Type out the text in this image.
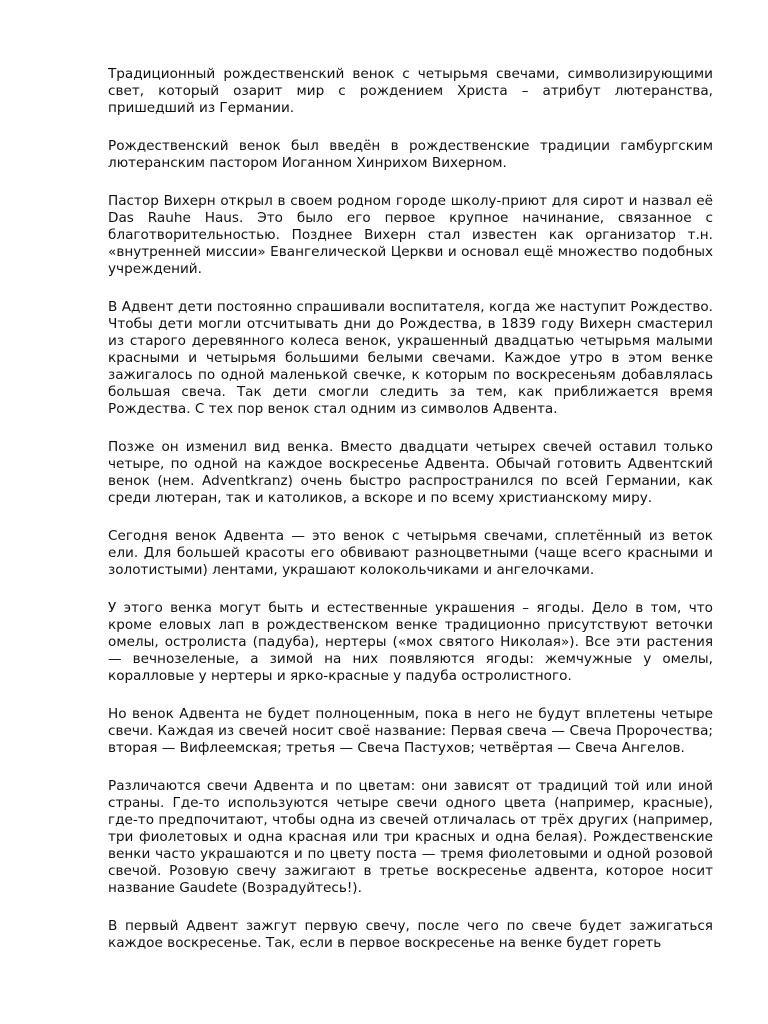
Традиционный рождественский венок с четырьмя свечами, символизирующими свет, который озарит мир с рождением Христа – атрибут лютеранства, пришедший из Германии.

Рождественский венок был введён в рождественские традиции гамбургским лютеранским пастором Иоганном Хинрихом Вихерном.

Пастор Вихерн открыл в своем родном городе школу-приют для сирот и назвал её Das Rauhe Haus. Это было его первое крупное начинание, связанное с благотворительностью. Позднее Вихерн стал известен как организатор т.н. «внутренней миссии» Евангелической Церкви и основал ещё множество подобных учреждений.

В Адвент дети постоянно спрашивали воспитателя, когда же наступит Рождество. Чтобы дети могли отсчитывать дни до Рождества, в 1839 году Вихерн смастерил из старого деревянного колеса венок, украшенный двадцатью четырьмя малыми красными и четырьмя большими белыми свечами. Каждое утро в этом венке зажигалось по одной маленькой свечке, к которым по воскресеньям добавлялась большая свеча. Так дети смогли следить за тем, как приближается время Рождества. С тех пор венок стал одним из символов Адвента.

Позже он изменил вид венка. Вместо двадцати четырех свечей оставил только четыре, по одной на каждое воскресенье Адвента. Обычай готовить Адвентский венок (нем. Adventkranz) очень быстро распространился по всей Германии, как среди лютеран, так и католиков, а вскоре и по всему христианскому миру.

Сегодня венок Адвента — это венок с четырьмя свечами, сплетённый из веток ели. Для большей красоты его обвивают разноцветными (чаще всего красными и золотистыми) лентами, украшают колокольчиками и ангелочками.

У этого венка могут быть и естественные украшения – ягоды. Дело в том, что кроме еловых лап в рождественском венке традиционно присутствуют веточки омелы, остролиста (падуба), нертеры («мох святого Николая»). Все эти растения — вечнозеленые, а зимой на них появляются ягоды: жемчужные у омелы, коралловые у нертеры и ярко-красные у падуба остролистного.

Но венок Адвента не будет полноценным, пока в него не будут вплетены четыре свечи. Каждая из свечей носит своё название: Первая свеча — Свеча Пророчества; вторая — Вифлеемская; третья — Свеча Пастухов; четвёртая — Свеча Ангелов.

Различаются свечи Адвента и по цветам: они зависят от традиций той или иной страны. Где-то используются четыре свечи одного цвета (например, красные), где-то предпочитают, чтобы одна из свечей отличалась от трёх других (например, три фиолетовых и одна красная или три красных и одна белая). Рождественские венки часто украшаются и по цвету поста — тремя фиолетовыми и одной розовой свечой. Розовую свечу зажигают в третье воскресенье адвента, которое носит название Gaudete (Возрадуйтесь!).

В первый Адвент зажгут первую свечу, после чего по свече будет зажигаться каждое воскресенье. Так, если в первое воскресенье на венке будет гореть
